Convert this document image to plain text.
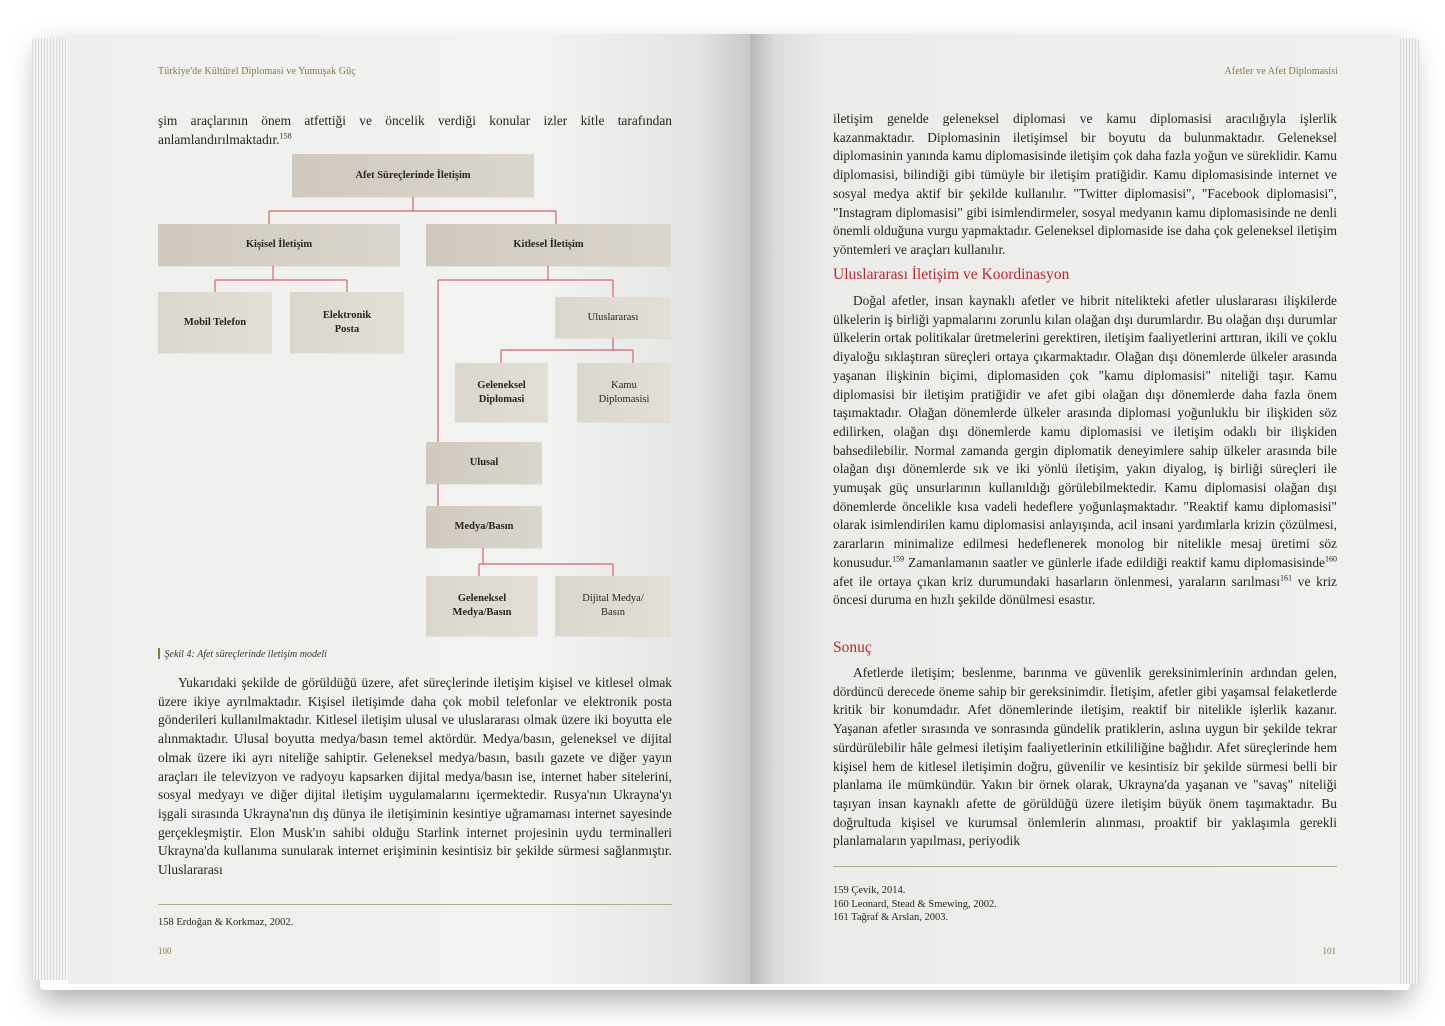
Türkiye'de Kültürel Diplomasi ve Yumuşak Güç

şim araçlarının önem atfettiği ve öncelik verdiği konular izler kitle tarafından anlamlandırılmaktadır.$^{158}$

Afet Süreçlerinde İletişim
Kişisel İletişim	Kitlesel İletişim
Mobil Telefon
Elektronik
Posta
Uluslararası
Geleneksel
Diplomasi
Kamu
Diplomasisi
Ulusal
Medya/Basın
Geleneksel
Medya/Basın
Dijital Medya/
Basın
Şekil 4: Afet süreçlerinde iletişim modeli

Yukarıdaki şekilde de görüldüğü üzere, afet süreçlerinde iletişim kişisel ve kitlesel olmak üzere ikiye ayrılmaktadır. Kişisel iletişimde daha çok mobil telefonlar ve elektronik posta gönderileri kullanılmaktadır. Kitlesel iletişim ulusal ve uluslararası olmak üzere iki boyutta ele alınmaktadır. Ulusal boyutta medya/basın temel aktördür. Medya/basın, geleneksel ve dijital olmak üzere iki ayrı niteliğe sahiptir. Geleneksel medya/basın, basılı gazete ve diğer yayın araçları ile televizyon ve radyoyu kapsarken dijital medya/basın ise, internet haber sitelerini, sosyal medyayı ve diğer dijital iletişim uygulamalarını içermektedir. Rusya'nın Ukrayna'yı işgali sırasında Ukrayna'nın dış dünya ile iletişiminin kesintiye uğramaması internet sayesinde gerçekleşmiştir. Elon Musk'ın sahibi olduğu Starlink internet projesinin uydu terminalleri Ukrayna'da kullanıma sunularak internet erişiminin kesintisiz bir şekilde sürmesi sağlanmıştır. Uluslararası

158 Erdoğan & Korkmaz, 2002.
100
Afetler ve Afet Diplomasisi

iletişim genelde geleneksel diplomasi ve kamu diplomasisi aracılığıyla işlerlik kazanmaktadır. Diplomasinin iletişimsel bir boyutu da bulunmaktadır. Geleneksel diplomasinin yanında kamu diplomasisinde iletişim çok daha fazla yoğun ve süreklidir. Kamu diplomasisi, bilindiği gibi tümüyle bir iletişim pratiğidir. Kamu diplomasisinde internet ve sosyal medya aktif bir şekilde kullanılır. "Twitter diplomasisi", "Facebook diplomasisi", "Instagram diplomasisi" gibi isimlendirmeler, sosyal medyanın kamu diplomasisinde ne denli önemli olduğuna vurgu yapmaktadır. Geleneksel diplomaside ise daha çok geleneksel iletişim yöntemleri ve araçları kullanılır.

Uluslararası İletişim ve Koordinasyon

Doğal afetler, insan kaynaklı afetler ve hibrit nitelikteki afetler uluslararası ilişkilerde ülkelerin iş birliği yapmalarını zorunlu kılan olağan dışı durumlardır. Bu olağan dışı durumlar ülkelerin ortak politikalar üretmelerini gerektiren, iletişim faaliyetlerini arttıran, ikili ve çoklu diyaloğu sıklaştıran süreçleri ortaya çıkarmaktadır. Olağan dışı dönemlerde ülkeler arasında yaşanan ilişkinin biçimi, diplomasiden çok "kamu diplomasisi" niteliği taşır. Kamu diplomasisi bir iletişim pratiğidir ve afet gibi olağan dışı dönemlerde daha fazla önem taşımaktadır. Olağan dönemlerde ülkeler arasında diplomasi yoğunluklu bir ilişkiden söz edilirken, olağan dışı dönemlerde kamu diplomasisi ve iletişim odaklı bir ilişkiden bahsedilebilir. Normal zamanda gergin diplomatik deneyimlere sahip ülkeler arasında bile olağan dışı dönemlerde sık ve iki yönlü iletişim, yakın diyalog, iş birliği süreçleri ile yumuşak güç unsurlarının kullanıldığı görülebilmektedir. Kamu diplomasisi olağan dışı dönemlerde öncelikle kısa vadeli hedeflere yoğunlaşmaktadır. "Reaktif kamu diplomasisi" olarak isimlendirilen kamu diplomasisi anlayışında, acil insani yardımlarla krizin çözülmesi, zararların minimalize edilmesi hedeflenerek monolog bir nitelikle mesaj üretimi söz konusudur.$^{159}$ Zamanlamanın saatler ve günlerle ifade edildiği reaktif kamu diplomasisinde$^{160}$ afet ile ortaya çıkan kriz durumundaki hasarların önlenmesi, yaraların sarılması$^{161}$ ve kriz öncesi duruma en hızlı şekilde dönülmesi esastır.

Sonuç

Afetlerde iletişim; beslenme, barınma ve güvenlik gereksinimlerinin ardından gelen, dördüncü derecede öneme sahip bir gereksinimdir. İletişim, afetler gibi yaşamsal felaketlerde kritik bir konumdadır. Afet dönemlerinde iletişim, reaktif bir nitelikle işlerlik kazanır. Yaşanan afetler sırasında ve sonrasında gündelik pratiklerin, aslına uygun bir şekilde tekrar sürdürülebilir hâle gelmesi iletişim faaliyetlerinin etkililiğine bağlıdır. Afet süreçlerinde hem kişisel hem de kitlesel iletişimin doğru, güvenilir ve kesintisiz bir şekilde sürmesi belli bir planlama ile mümkündür. Yakın bir örnek olarak, Ukrayna'da yaşanan ve "savaş" niteliği taşıyan insan kaynaklı afette de görüldüğü üzere iletişim büyük önem taşımaktadır. Bu doğrultuda kişisel ve kurumsal önlemlerin alınması, proaktif bir yaklaşımla gerekli planlamaların yapılması, periyodik

159 Çevik, 2014.
160 Leonard, Stead & Smewing, 2002.
161 Tağraf & Arslan, 2003.
101
